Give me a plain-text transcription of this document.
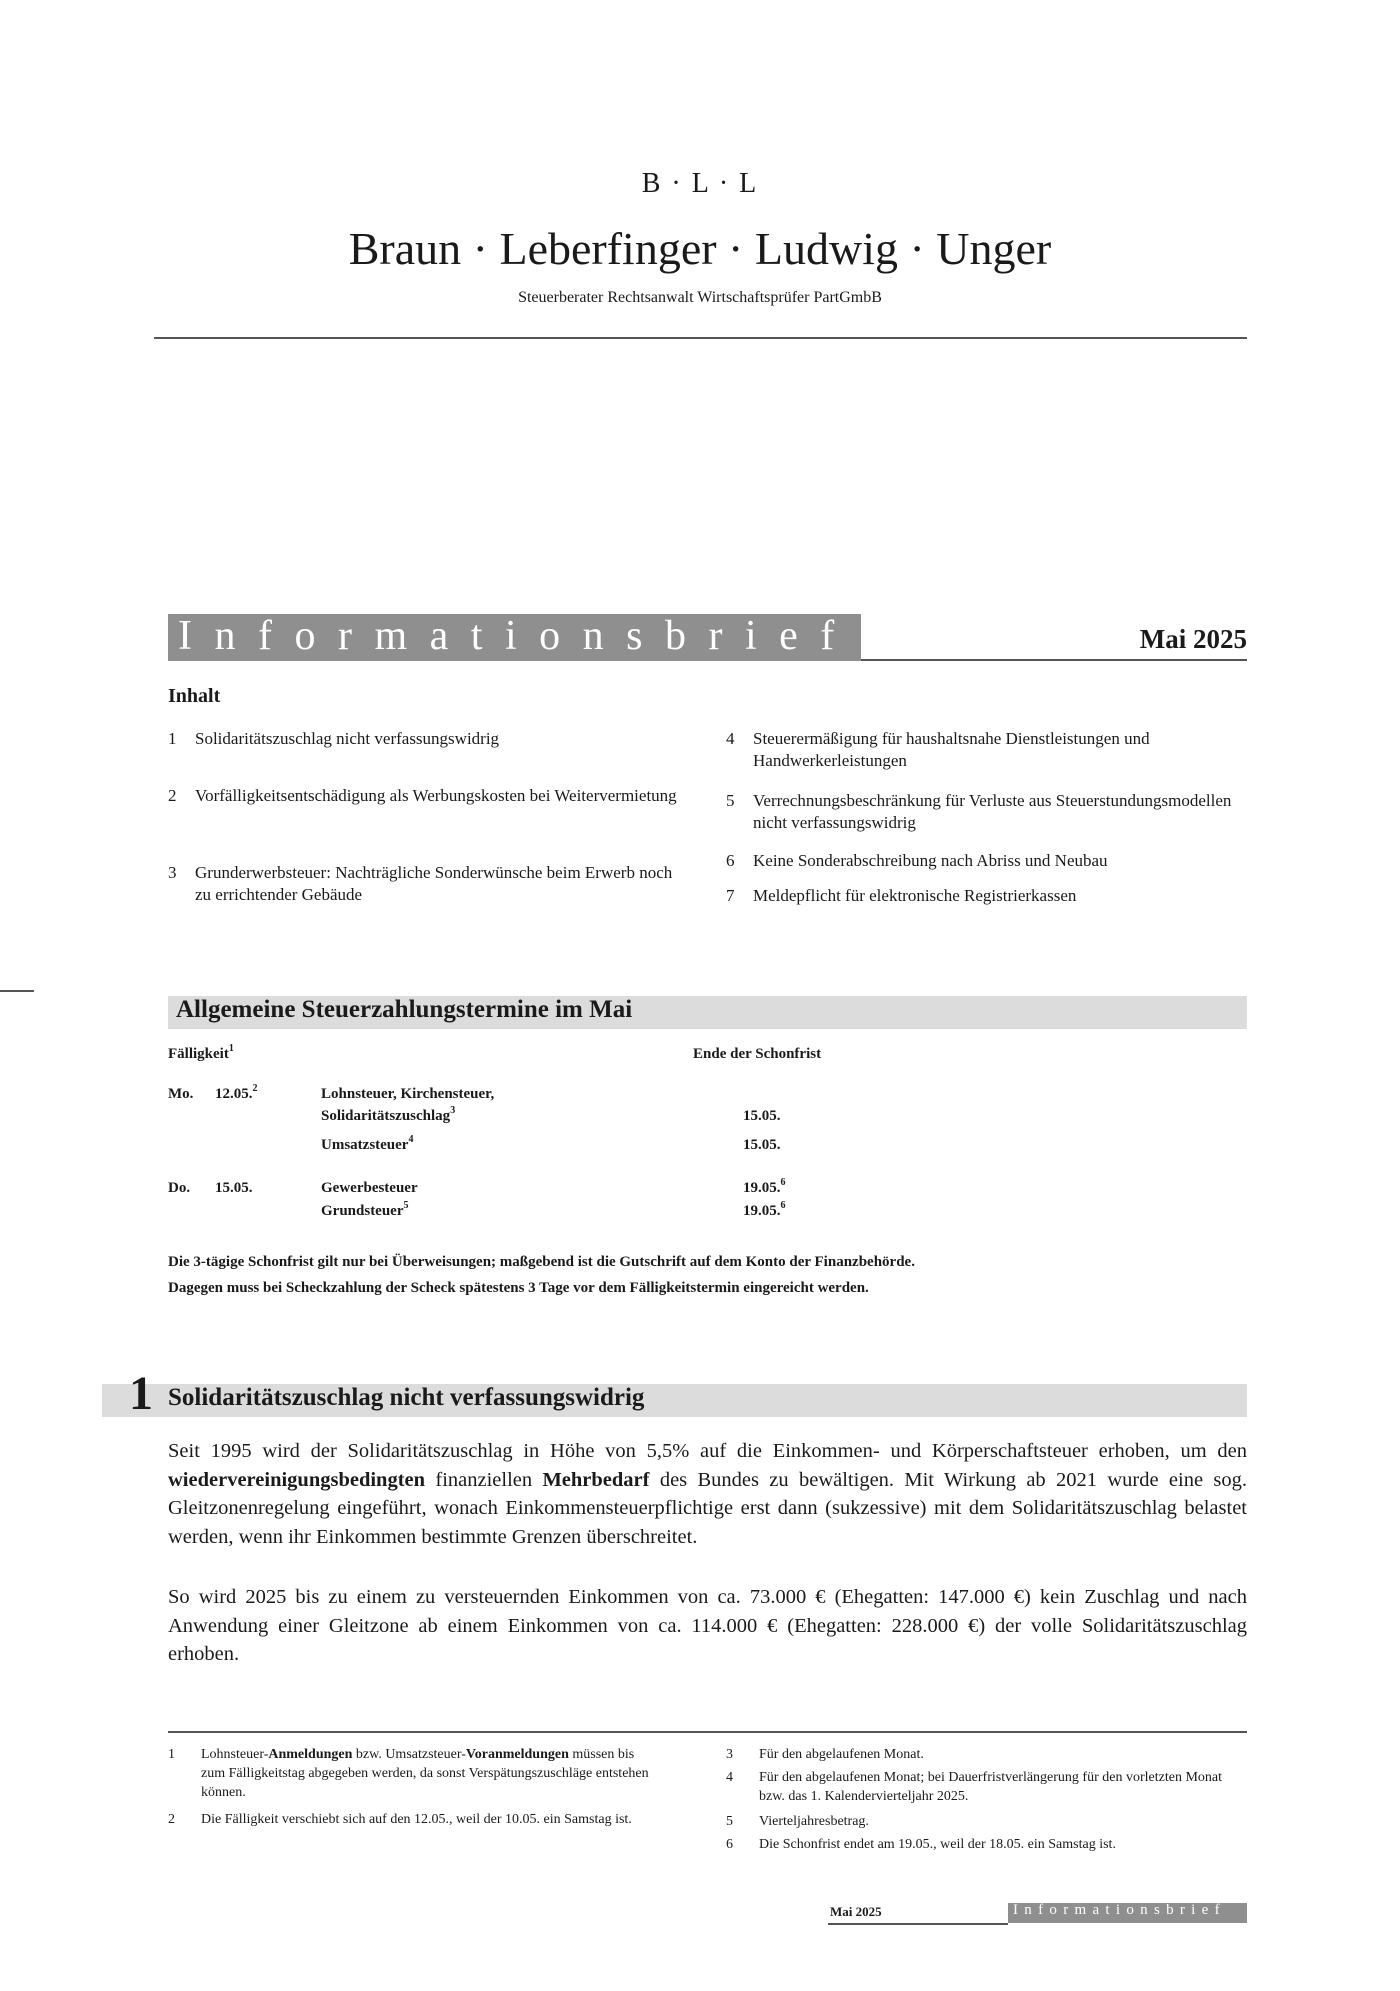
B · L · L
Braun · Leberfinger · Ludwig · Unger
Steuerberater Rechtsanwalt Wirtschaftsprüfer PartGmbB
Informationsbrief	Mai 2025
Inhalt
1 Solidaritätszuschlag nicht verfassungswidrig
2 Vorfälligkeitsentschädigung als Werbungskosten bei Weitervermietung
3 Grunderwerbsteuer: Nachträgliche Sonderwünsche beim Erwerb noch zu errichtender Gebäude
4 Steuerermäßigung für haushaltsnahe Dienstleistungen und Handwerkerleistungen
5 Verrechnungsbeschränkung für Verluste aus Steuerstundungsmodellen nicht verfassungswidrig
6 Keine Sonderabschreibung nach Abriss und Neubau
7 Meldepflicht für elektronische Registrierkassen
Allgemeine Steuerzahlungstermine im Mai
Fälligkeit$^1$	Ende der Schonfrist
Mo. 12.05.$^2$	Lohnsteuer, Kirchensteuer,
Solidaritätszuschlag$^3$	15.05.
Umsatzsteuer$^4$	15.05.
Do. 15.05.	Gewerbesteuer	19.05.$^6$
Grundsteuer$^5$	19.05.$^6$
Die 3-tägige Schonfrist gilt nur bei Überweisungen; maßgebend ist die Gutschrift auf dem Konto der Finanzbehörde.
Dagegen muss bei Scheckzahlung der Scheck spätestens 3 Tage vor dem Fälligkeitstermin eingereicht werden.
1 Solidaritätszuschlag nicht verfassungswidrig
Seit 1995 wird der Solidaritätszuschlag in Höhe von 5,5% auf die Einkommen- und Körperschaftsteuer erhoben, um den wiedervereinigungsbedingten finanziellen Mehrbedarf des Bundes zu bewältigen. Mit Wirkung ab 2021 wurde eine sog. Gleitzonenregelung eingeführt, wonach Einkommensteuerpflichtige erst dann (sukzessive) mit dem Solidaritätszuschlag belastet werden, wenn ihr Einkommen bestimmte Grenzen überschreitet.
So wird 2025 bis zu einem zu versteuernden Einkommen von ca. 73.000 € (Ehegatten: 147.000 €) kein Zuschlag und nach Anwendung einer Gleitzone ab einem Einkommen von ca. 114.000 € (Ehegatten: 228.000 €) der volle Solidaritätszuschlag erhoben.
1 Lohnsteuer-Anmeldungen bzw. Umsatzsteuer-Voranmeldungen müssen bis zum Fälligkeitstag abgegeben werden, da sonst Verspätungszuschläge entstehen können.
2 Die Fälligkeit verschiebt sich auf den 12.05., weil der 10.05. ein Samstag ist.
3 Für den abgelaufenen Monat.
4 Für den abgelaufenen Monat; bei Dauerfristverlängerung für den vorletzten Monat bzw. das 1. Kalendervierteljahr 2025.
5 Vierteljahresbetrag.
6 Die Schonfrist endet am 19.05., weil der 18.05. ein Samstag ist.
Mai 2025	Informationsbrief
